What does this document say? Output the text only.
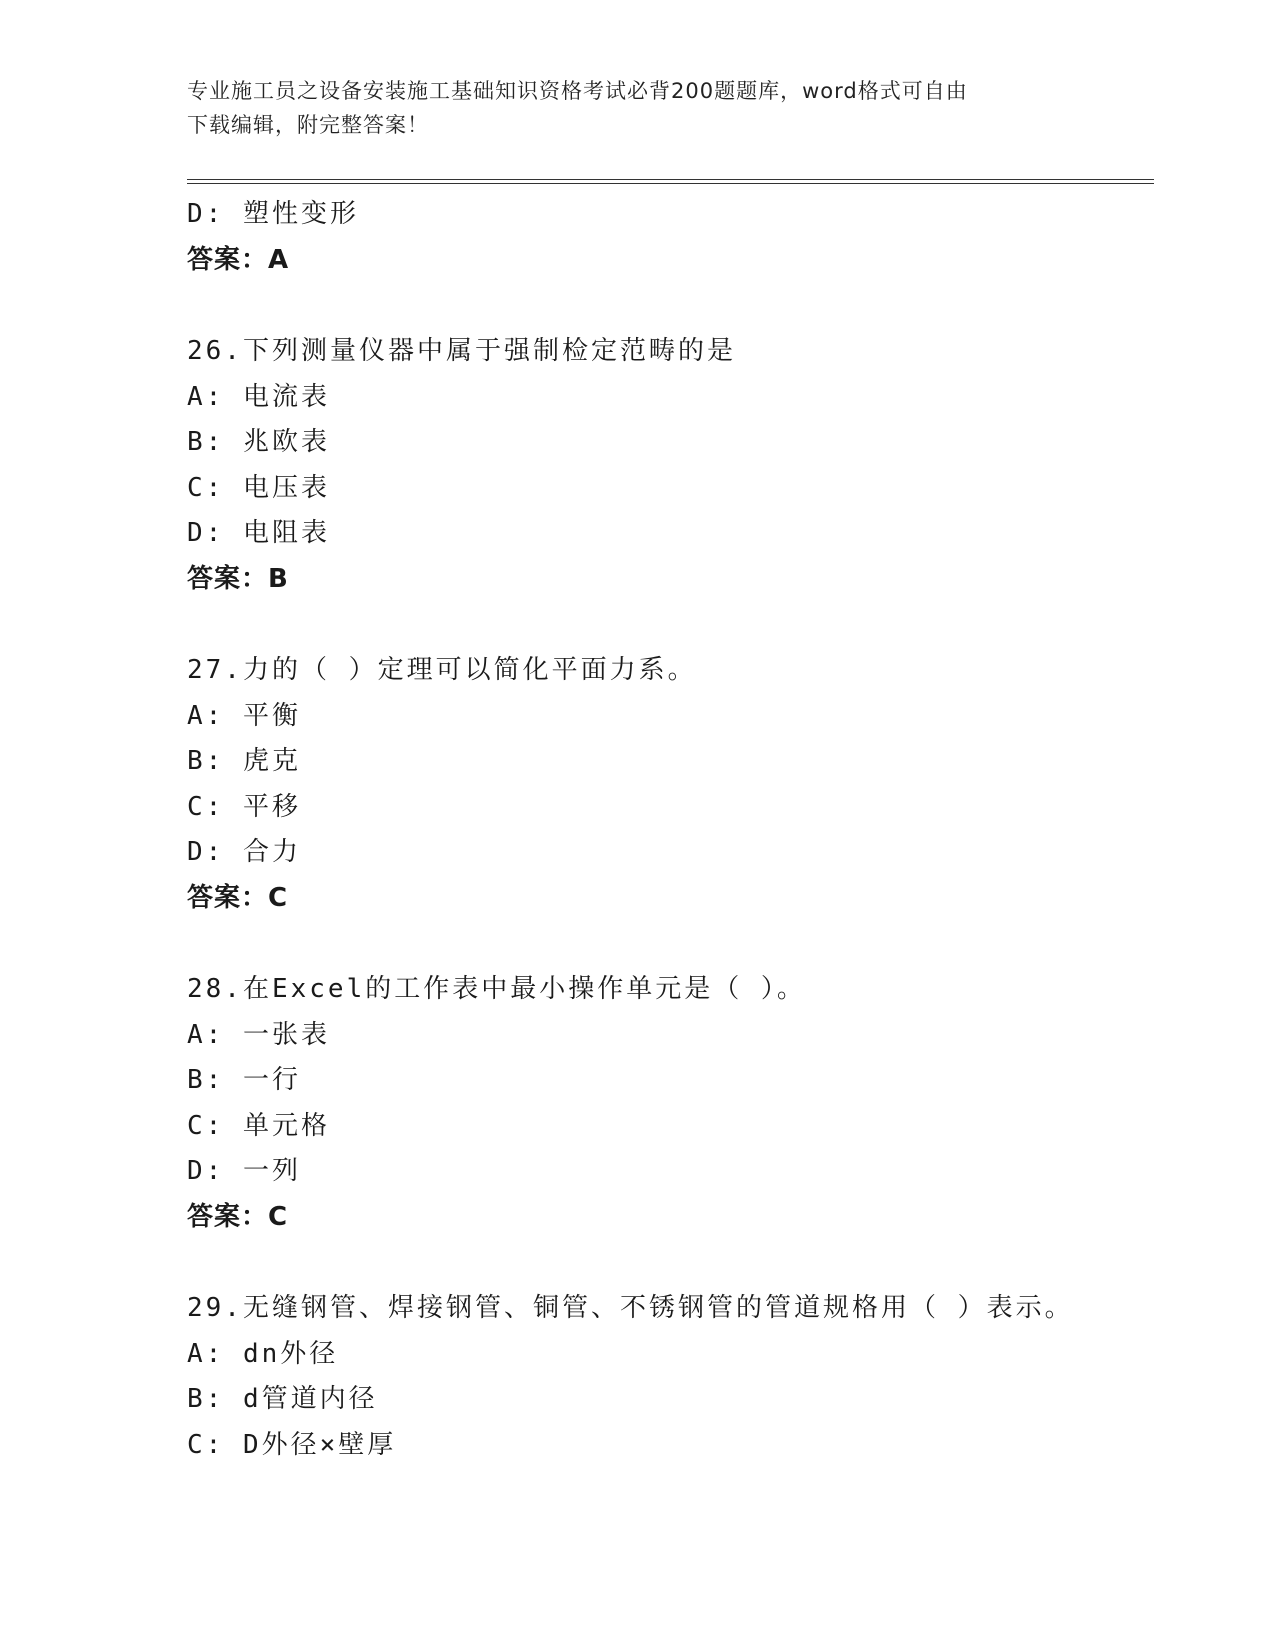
专业施工员之设备安装施工基础知识资格考试必背200题题库，word格式可自由
下载编辑，附完整答案！
D: 塑性变形
答案：A
26.下列测量仪器中属于强制检定范畴的是
A: 电流表
B: 兆欧表
C: 电压表
D: 电阻表
答案：B
27.力的（ ）定理可以简化平面力系。
A: 平衡
B: 虎克
C: 平移
D: 合力
答案：C
28.在Excel的工作表中最小操作单元是（ ）。
A: 一张表
B: 一行
C: 单元格
D: 一列
答案：C
29.无缝钢管、焊接钢管、铜管、不锈钢管的管道规格用（ ）表示。
A: dn外径
B: d管道内径
C: D外径×壁厚
